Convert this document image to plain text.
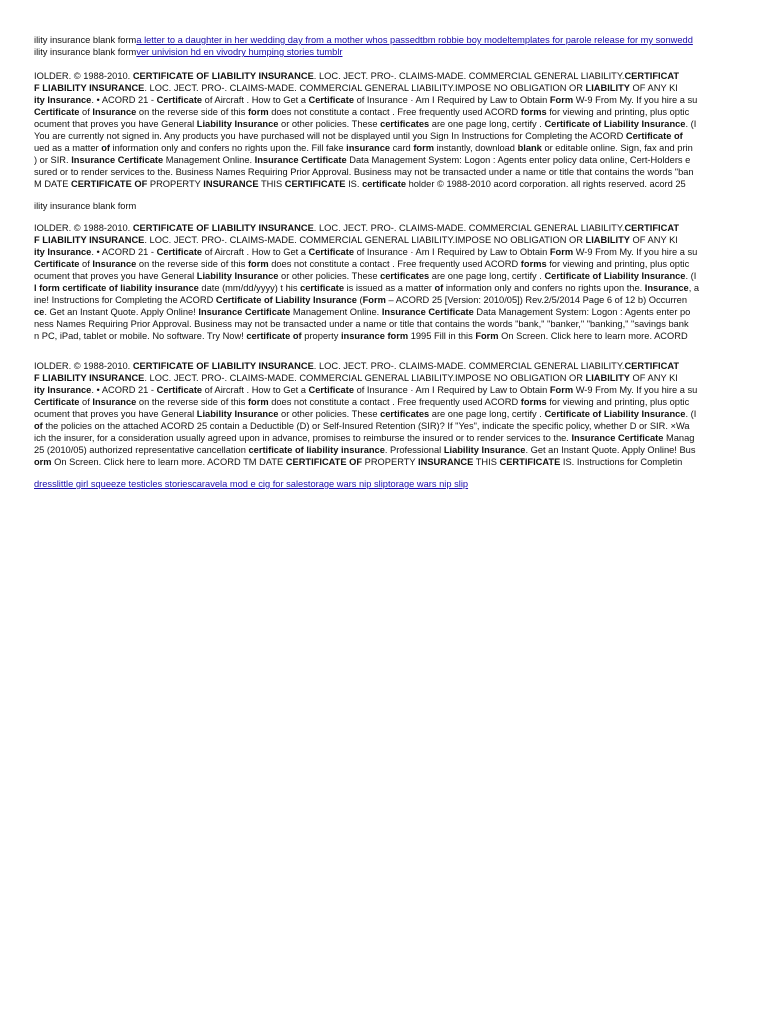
ility insurance blank forma letter to a daughter in her wedding day from a mother whos passedtbm robbie boy modeltemplates for parole release for my sonwedd
ility insurance blank formver univision hd en vivodry humping stories tumblr
IOLDER. © 1988-2010. CERTIFICATE OF LIABILITY INSURANCE. LOC. JECT. PRO-. CLAIMS-MADE. COMMERCIAL GENERAL LIABILITY.CERTIFICAT
F LIABILITY INSURANCE. LOC. JECT. PRO-. CLAIMS-MADE. COMMERCIAL GENERAL LIABILITY.IMPOSE NO OBLIGATION OR LIABILITY OF ANY KI
ity Insurance. • ACORD 21 - Certificate of Aircraft . How to Get a Certificate of Insurance · Am I Required by Law to Obtain Form W-9 From My. If you hire a su
Certificate of Insurance on the reverse side of this form does not constitute a contact . Free frequently used ACORD forms for viewing and printing, plus optic
ocument that proves you have General Liability Insurance or other policies. These certificates are one page long, certify . Certificate of Liability Insurance. (I
You are currently not signed in. Any products you have purchased will not be displayed until you Sign In Instructions for Completing the ACORD Certificate of
ued as a matter of information only and confers no rights upon the. Fill fake insurance card form instantly, download blank or editable online. Sign, fax and prin
) or SIR. Insurance Certificate Management Online. Insurance Certificate Data Management System: Logon : Agents enter policy data online, Cert-Holders e
sured or to render services to the. Business Names Requiring Prior Approval. Business may not be transacted under a name or title that contains the words "ban
M DATE CERTIFICATE OF PROPERTY INSURANCE THIS CERTIFICATE IS. certificate holder © 1988-2010 acord corporation. all rights reserved. acord 25
ility insurance blank form
IOLDER. © 1988-2010. CERTIFICATE OF LIABILITY INSURANCE. LOC. JECT. PRO-. CLAIMS-MADE. COMMERCIAL GENERAL LIABILITY.CERTIFICAT
F LIABILITY INSURANCE. LOC. JECT. PRO-. CLAIMS-MADE. COMMERCIAL GENERAL LIABILITY.IMPOSE NO OBLIGATION OR LIABILITY OF ANY KI
ity Insurance. • ACORD 21 - Certificate of Aircraft . How to Get a Certificate of Insurance · Am I Required by Law to Obtain Form W-9 From My. If you hire a su
Certificate of Insurance on the reverse side of this form does not constitute a contact . Free frequently used ACORD forms for viewing and printing, plus optic
ocument that proves you have General Liability Insurance or other policies. These certificates are one page long, certify . Certificate of Liability Insurance. (I
l form certificate of liability insurance date (mm/dd/yyyy) t his certificate is issued as a matter of information only and confers no rights upon the. Insurance, a
ine! Instructions for Completing the ACORD Certificate of Liability Insurance (Form – ACORD 25 [Version: 2010/05]) Rev.2/5/2014 Page 6 of 12 b) Occurren
ce. Get an Instant Quote. Apply Online! Insurance Certificate Management Online. Insurance Certificate Data Management System: Logon : Agents enter po
ness Names Requiring Prior Approval. Business may not be transacted under a name or title that contains the words "bank," "banker," "banking," "savings bank
n PC, iPad, tablet or mobile. No software. Try Now! certificate of property insurance form 1995 Fill in this Form On Screen. Click here to learn more. ACORD
IOLDER. © 1988-2010. CERTIFICATE OF LIABILITY INSURANCE. LOC. JECT. PRO-. CLAIMS-MADE. COMMERCIAL GENERAL LIABILITY.CERTIFICAT
F LIABILITY INSURANCE. LOC. JECT. PRO-. CLAIMS-MADE. COMMERCIAL GENERAL LIABILITY.IMPOSE NO OBLIGATION OR LIABILITY OF ANY KI
ity Insurance. • ACORD 21 - Certificate of Aircraft . How to Get a Certificate of Insurance · Am I Required by Law to Obtain Form W-9 From My. If you hire a su
Certificate of Insurance on the reverse side of this form does not constitute a contact . Free frequently used ACORD forms for viewing and printing, plus optic
ocument that proves you have General Liability Insurance or other policies. These certificates are one page long, certify . Certificate of Liability Insurance. (I
of the policies on the attached ACORD 25 contain a Deductible (D) or Self-Insured Retention (SIR)? If "Yes", indicate the specific policy, whether D or SIR. ×Wa
ich the insurer, for a consideration usually agreed upon in advance, promises to reimburse the insured or to render services to the. Insurance Certificate Manag
25 (2010/05) authorized representative cancellation certificate of liability insurance. Professional Liability Insurance. Get an Instant Quote. Apply Online! Bus
orm On Screen. Click here to learn more. ACORD TM DATE CERTIFICATE OF PROPERTY INSURANCE THIS CERTIFICATE IS. Instructions for Completin
dresslittle girl squeeze testicles storiescaravela mod e cig for salestorage wars nip sliptorage wars nip slip
